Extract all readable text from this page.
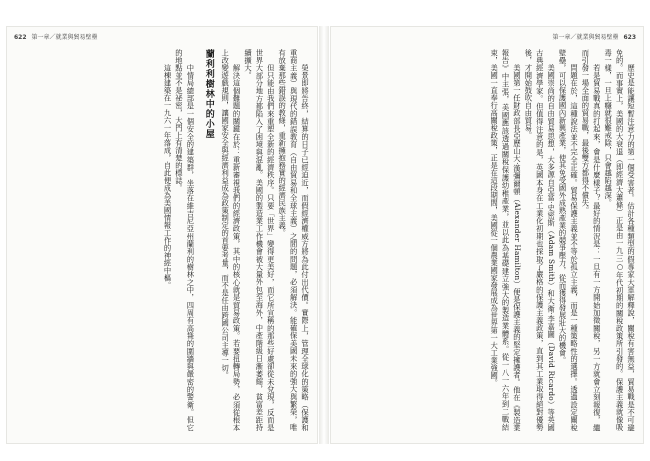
622 第一章／就業與貿易壁壘

榮景即將告終，結算的日子已經迫近，而假經濟權威方將為此付出代價。實際上，管理全球化的策略（保護和重商主義）與現代的錯誤教育（自由貿易和全球主義）之間的問題，必須解決。能確保美國未來的強大與繁榮，唯有放棄那些錯誤的教條，重新擁抱務實的經濟民族主義。

但只能由我們來重塑全新的經濟秩序。只要「世界」變得更美好，而它所宣稱的那些好處卻從未兌現，反而是世界大部分地方都陷入了困境與混亂。美國的製造業工作機會被大量外包至海外，中產階級日漸萎縮，貧富差距持續擴大。

解決這個難題的關鍵在於：重新審視我們的經濟政策，其中的核心就是貿易政策。若要扭轉局勢，必須從根本上改變遊戲規則，讓國家安全與經濟利益成為政策制定的首要考量，而不是任由跨國公司主導一切。

蘭利利樹林中的小屋

中情局總部是一個安全的建築群，坐落在維吉尼亞州蘭利的樹林之中，四周有高聳的圍牆與嚴密的警衛。但它的地點並不是祕密，大門上有清楚的標誌。

這棟建築在一九六一年落成，自此便成為美國情報工作的神經中樞。

第一章／就業與貿易壁壘 623

歷史是能讓短暫注意力的第一個受害者。估計各種類型的假專家大軍解釋說，關稅有害無益，貿易戰是不可避免的。而事實上，美國的大衰退（即經濟大蕭條）正是由一九三○年代初期的關稅政策所引發的。保護主義就像吸毒一樣，一旦上癮就很難戒除，只會越陷越深。

若是貿易戰真的打起來，會是什麼樣子？最好的情況是：一旦有一方開始加徵關稅，另一方就會立刻報復，繼而引發一場全面的貿易戰，最後雙方都得不償失。

問題在於，這種說法並不完全正確。貿易保護主義並不等於孤立主義，而是一種策略性的選擇。透過設定關稅壁壘，可以保護國內新興產業，使其免受國外成熟產業的競爭壓力，從而獲得發展壯大的機會。

美國崇尚的自由貿易思想，大多源自亞當·史密斯（Adam Smith）和大衛·李嘉圖（David Ricardo）等英國古典經濟學家。但值得注意的是，英國本身在工業化初期也採取了嚴格的保護主義政策，直到其工業取得絕對優勢後，才開始鼓吹自由貿易。

美國第一任財政部長亞歷山大·漢彌爾頓（Alexander Hamilton）便是保護主義的堅定擁護者。他在《製造業報告》中主張，美國應該透過關稅保護幼稚產業，並以此為基礎建立強大的製造業體系。從一八一六年到二戰結束，美國一直奉行高關稅政策，正是在這段期間，美國從一個農業國家發展成為世界第一大工業強國。
